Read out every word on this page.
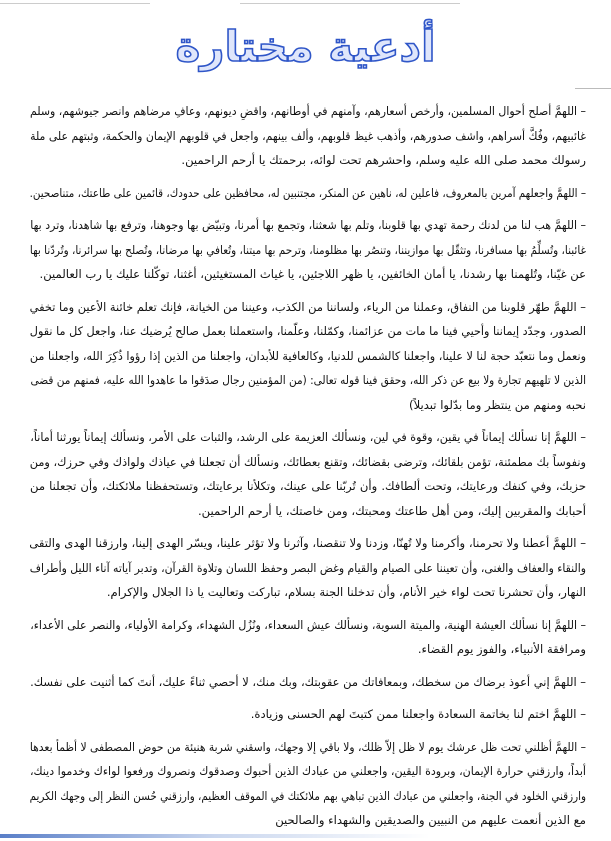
أدعية مختارة
– اللهمَّ أصلح أحوال المسلمين، وأرخص أسعارهم، وآمنهم في أوطانهم، واقضِ ديونهم، وعافِ مرضاهم وانصر جيوشهم، وسلم
غائبيهم، وفُكَّ أسراهم، واشف صدورهم، وأذهب غيظ قلوبهم، وألف بينهم، واجعل في قلوبهم الإيمان والحكمة، وثبتهم على ملة
رسولك محمد صلى الله عليه وسلم، واحشرهم تحت لوائه، برحمتك يا أرحم الراحمين.
– اللهمَّ واجعلهم آمرين بالمعروف، فاعلين له، ناهين عن المنكر، مجتنبين له، محافظين على حدودك، قائمين على طاعتك، متناصحين.
– اللهمَّ هب لنا من لدنك رحمة تهدي بها قلوبنا، وتلم بها شعثنا، وتجمع بها أمرنا، وتبيّض بها وجوهنا، وترفع بها شاهدنا، وترد بها
غائبنا، وتُسلِّمُ بها مسافرنا، وتثقّل بها موازيننا، وتنصُر بها مظلومنا، وترحم بها ميتنا، وتُعافي بها مرضانا، وتُصلح بها سرائرنا، وتُردّنا بها
عن غيّنا، وتُلهمنا بها رشدنا، يا أمان الخائفين، يا ظهر اللاجئين، يا غياث المستغيثين، أغثنا، توكّلنا عليك يا رب العالمين.
– اللهمَّ طهّر قلوبنا من النفاق، وعملنا من الرياء، ولساننا من الكذب، وعيننا من الخيانة، فإنك تعلم خائنة الأعين وما تخفي
الصدور، وجدّد إيماننا وأحيي فينا ما مات من عزائمنا، وكمّلنا، وعلّمنا، واستعملنا بعمل صالح يُرضيك عنا، واجعل كل ما نقول
ونعمل وما نتعبّد حجة لنا لا علينا، واجعلنا كالشمس للدنيا، وكالعافية للأبدان، واجعلنا من الذين إذا رؤوا ذُكِرَ الله، واجعلنا من
الذين لا تلهيهم تجارة ولا بيع عن ذكر الله، وحقق فينا قوله تعالى: (من المؤمنين رجال صدَقوا ما عاهدوا الله عليه، فمنهم من قضى
نحبه ومنهم من ينتظر وما بدّلوا تبديلاً)
– اللهمَّ إنا نسألك إيماناً في يقين، وقوة في لين، ونسألك العزيمة على الرشد، والثبات على الأمر، ونسألك إيماناً يورثنا أماناً،
ونفوساً بك مطمئنة، تؤمن بلقائك، وترضى بقضائك، وتقنع بعطائك، ونسألك أن تجعلنا في عياذك ولواذك وفي حرزك، ومن
حزبك، وفي كنفك ورعايتك، وتحت ألطافك. وأن تُربّنا على عينك، وتكلأنا برعايتك، وتستحفظنا ملائكتك، وأن تجعلنا من
أحبابك والمقربين إليك، ومن أهل طاعتك ومحبتك، ومن خاصتك، يا أرحم الراحمين.
– اللهمَّ أعطنا ولا تحرمنا، وأكرمنا ولا تُهنّا، وزدنا ولا تنقصنا، وآثرنا ولا تؤثر علينا، ويسّر الهدى إلينا، وارزقنا الهدى والتقى
والنقاء والعفاف والغنى، وأن تعيننا على الصيام والقيام وغض البصر وحفظ اللسان وتلاوة القرآن، وتدبر آياته آناء الليل وأطراف
النهار، وأن تحشرنا تحت لواء خير الأنام، وأن تدخلنا الجنة بسلام، تباركت وتعاليت يا ذا الجلال والإكرام.
– اللهمَّ إنا نسألك العيشة الهنية، والميتة السوية، ونسألك عيش السعداء، ونُزُل الشهداء، وكرامة الأولياء، والنصر على الأعداء،
ومرافقة الأنبياء، والفوز يوم القضاء.
– اللهمَّ إني أعوذ برضاك من سخطك، وبمعافاتك من عقوبتك، وبك منك، لا أحصي ثناءً عليك، أنتَ كما أثنيت على نفسك.
– اللهمَّ اختم لنا بخاتمة السعادة واجعلنا ممن كتبتَ لهم الحسنى وزيادة.
– اللهمَّ أظلني تحت ظل عرشك يوم لا ظل إلاّ ظلك، ولا باقي إلا وجهك، واسقني شربة هنيئة من حوض المصطفى لا أظمأ بعدها
أبداً، وارزقني حرارة الإيمان، وبرودة اليقين، واجعلني من عبادك الذين أحبوك وصدقوك ونصروك ورفعوا لواءك وخدموا دينك،
وارزقني الخلود في الجنة، واجعلني من عبادك الذين تباهي بهم ملائكتك في الموقف العظيم، وارزقني حُسن النظر إلى وجهك الكريم
مع الذين أنعمت عليهم من النبيين والصديقين والشهداء والصالحين
